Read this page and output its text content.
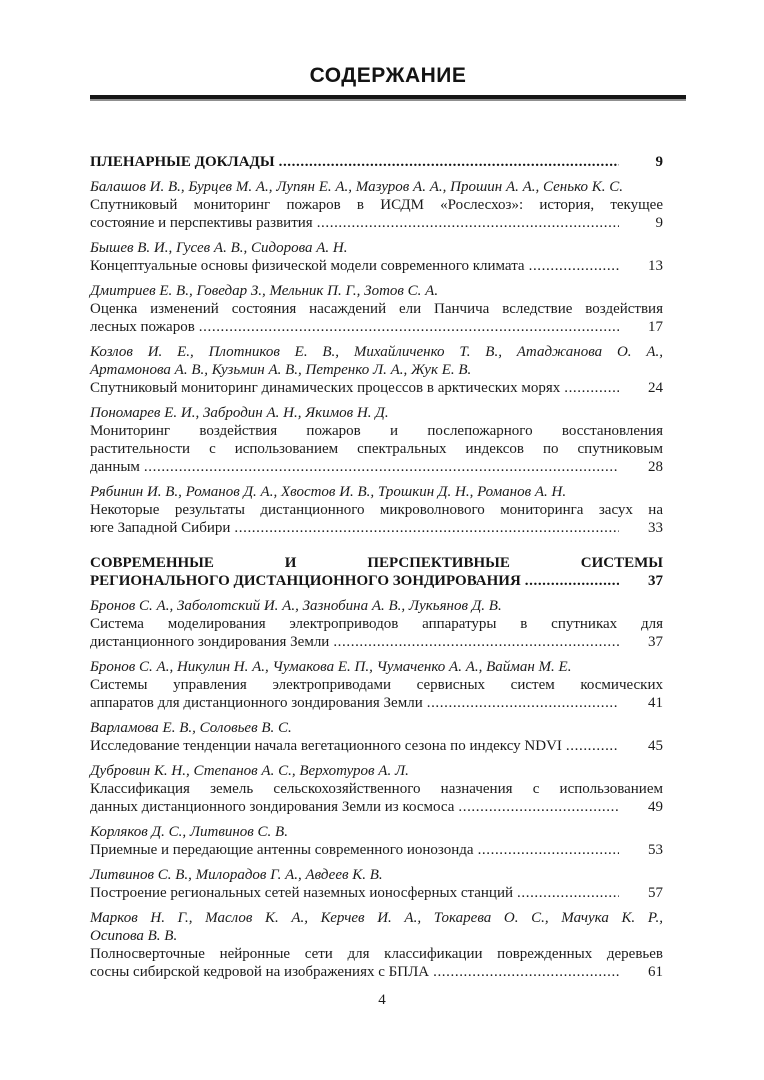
СОДЕРЖАНИЕ
ПЛЕНАРНЫЕ ДОКЛАДЫ .....	9
Балашов И. В., Бурцев М. А., Лупян Е. А., Мазуров А. А., Прошин А. А., Сенько К. С.
Спутниковый мониторинг пожаров в ИСДМ «Рослесхоз»: история, текущее
состояние и перспективы развития .....	9
Бышев В. И., Гусев А. В., Сидорова А. Н.
Концептуальные основы физической модели современного климата .....	13
Дмитриев Е. В., Говедар З., Мельник П. Г., Зотов С. А.
Оценка изменений состояния насаждений ели Панчича вследствие воздействия
лесных пожаров .....	17
Козлов И. Е., Плотников Е. В., Михайличенко Т. В., Атаджанова О. А.,
Артамонова А. В., Кузьмин А. В., Петренко Л. А., Жук Е. В.
Спутниковый мониторинг динамических процессов в арктических морях .....	24
Пономарев Е. И., Забродин А. Н., Якимов Н. Д.
Мониторинг воздействия пожаров и послепожарного восстановления
растительности с использованием спектральных индексов по спутниковым
данным .....	28
Рябинин И. В., Романов Д. А., Хвостов И. В., Трошкин Д. Н., Романов А. Н.
Некоторые результаты дистанционного микроволнового мониторинга засух на
юге Западной Сибири .....	33
СОВРЕМЕННЫЕ И ПЕРСПЕКТИВНЫЕ СИСТЕМЫ
РЕГИОНАЛЬНОГО ДИСТАНЦИОННОГО ЗОНДИРОВАНИЯ .....	37
Бронов С. А., Заболотский И. А., Зазнобина А. В., Лукьянов Д. В.
Система моделирования электроприводов аппаратуры в спутниках для
дистанционного зондирования Земли .....	37
Бронов С. А., Никулин Н. А., Чумакова Е. П., Чумаченко А. А., Вайман М. Е.
Системы управления электроприводами сервисных систем космических
аппаратов для дистанционного зондирования Земли .....	41
Варламова Е. В., Соловьев В. С.
Исследование тенденции начала вегетационного сезона по индексу NDVI .....	45
Дубровин К. Н., Степанов А. С., Верхотуров А. Л.
Классификация земель сельскохозяйственного назначения с использованием
данных дистанционного зондирования Земли из космоса .....	49
Корляков Д. С., Литвинов С. В.
Приемные и передающие антенны современного ионозонда .....	53
Литвинов С. В., Милорадов Г. А., Авдеев К. В.
Построение региональных сетей наземных ионосферных станций .....	57
Марков Н. Г., Маслов К. А., Керчев И. А., Токарева О. С., Мачука К. Р.,
Осипова В. В.
Полносверточные нейронные сети для классификации поврежденных деревьев
сосны сибирской кедровой на изображениях с БПЛА .....	61
4
